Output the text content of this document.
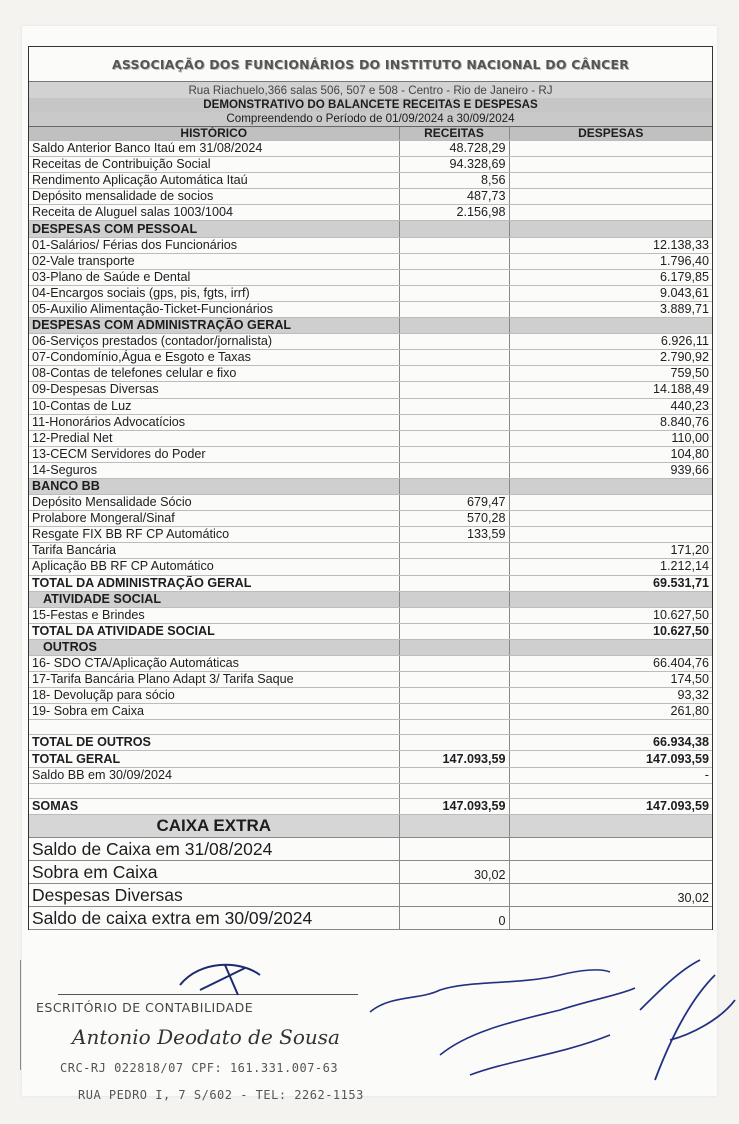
ASSOCIAÇÃO DOS FUNCIONÁRIOS DO INSTITUTO NACIONAL DO CÂNCER
Rua Riachuelo,366 salas 506, 507 e 508 - Centro - Rio de Janeiro - RJ
DEMONSTRATIVO DO BALANCETE RECEITAS E DESPESAS
Compreendendo o Período de 01/09/2024 a 30/09/2024
HISTÓRICO	RECEITAS	DESPESAS
Saldo Anterior Banco Itaú em 31/08/2024	48.728,29	
Receitas de Contribuição Social	94.328,69	
Rendimento Aplicação Automática Itaú	8,56	
Depósito mensalidade de socios	487,73	
Receita de Aluguel salas 1003/1004	2.156,98	
DESPESAS COM PESSOAL		
01-Salários/ Férias dos Funcionários		12.138,33
02-Vale transporte		1.796,40
03-Plano de Saúde e Dental		6.179,85
04-Encargos sociais (gps, pis, fgts, irrf)		9.043,61
05-Auxilio Alimentação-Ticket-Funcionários		3.889,71
DESPESAS COM ADMINISTRAÇÃO GERAL		
06-Serviços prestados (contador/jornalista)		6.926,11
07-Condomínio,Água e Esgoto e Taxas		2.790,92
08-Contas de telefones celular e fixo		759,50
09-Despesas Diversas		14.188,49
10-Contas de Luz		440,23
11-Honorários Advocatícios		8.840,76
12-Predial Net		110,00
13-CECM Servidores do Poder		104,80
14-Seguros		939,66
BANCO BB		
Depósito Mensalidade Sócio	679,47	
Prolabore Mongeral/Sinaf	570,28	
Resgate FIX BB RF CP Automático	133,59	
Tarifa Bancária		171,20
Aplicação BB RF CP Automático		1.212,14
TOTAL DA ADMINISTRAÇÃO GERAL		69.531,71
ATIVIDADE SOCIAL		
15-Festas e Brindes		10.627,50
TOTAL DA ATIVIDADE SOCIAL		10.627,50
OUTROS		
16- SDO CTA/Aplicação Automáticas		66.404,76
17-Tarifa Bancária Plano Adapt 3/ Tarifa Saque		174,50
18- Devoluçãp para sócio		93,32
19- Sobra em Caixa		261,80

TOTAL DE OUTROS		66.934,38
TOTAL GERAL	147.093,59	147.093,59
Saldo BB em 30/09/2024		-

SOMAS	147.093,59	147.093,59
CAIXA EXTRA		
Saldo de Caixa em 31/08/2024		
Sobra em Caixa	30,02	
Despesas Diversas		30,02
Saldo de caixa extra em 30/09/2024	0	
ESCRITÓRIO DE CONTABILIDADE
Antonio Deodato de Sousa
CRC-RJ 022818/07 CPF: 161.331.007-63
RUA PEDRO I, 7 S/602 - TEL: 2262-1153
